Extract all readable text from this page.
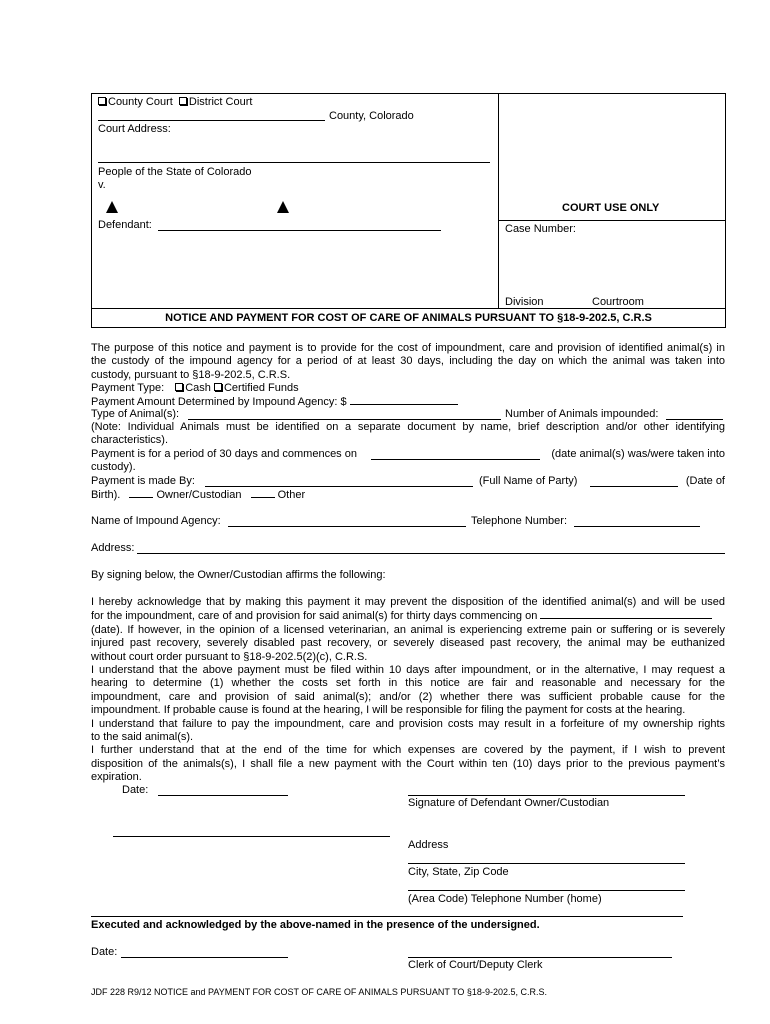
County Court District Court
County, Colorado
Court Address:
People of the State of Colorado
v.
Defendant:
COURT USE ONLY
Case Number:
Division	Courtroom
NOTICE AND PAYMENT FOR COST OF CARE OF ANIMALS PURSUANT TO §18-9-202.5, C.R.S
The purpose of this notice and payment is to provide for the cost of impoundment, care and provision of identified animal(s) in
the custody of the impound agency for a period of at least 30 days, including the day on which the animal was taken into
custody, pursuant to §18-9-202.5, C.R.S.
Payment Type: Cash Certified Funds
Payment Amount Determined by Impound Agency: $
Type of Animal(s):	Number of Animals impounded:
(Note: Individual Animals must be identified on a separate document by name, brief description and/or other identifying
characteristics).
Payment is for a period of 30 days and commences on	(date animal(s) was/were taken into
custody).
Payment is made By:	(Full Name of Party)	(Date of
Birth).	Owner/Custodian	Other
Name of Impound Agency:	Telephone Number:
Address:
By signing below, the Owner/Custodian affirms the following:
I hereby acknowledge that by making this payment it may prevent the disposition of the identified animal(s) and will be used
for the impoundment, care of and provision for said animal(s) for thirty days commencing on
(date). If however, in the opinion of a licensed veterinarian, an animal is experiencing extreme pain or suffering or is severely
injured past recovery, severely disabled past recovery, or severely diseased past recovery, the animal may be euthanized
without court order pursuant to §18-9-202.5(2)(c), C.R.S.
I understand that the above payment must be filed within 10 days after impoundment, or in the alternative, I may request a
hearing to determine (1) whether the costs set forth in this notice are fair and reasonable and necessary for the
impoundment, care and provision of said animal(s); and/or (2) whether there was sufficient probable cause for the
impoundment. If probable cause is found at the hearing, I will be responsible for filing the payment for costs at the hearing.
I understand that failure to pay the impoundment, care and provision costs may result in a forfeiture of my ownership rights
to the said animal(s).
I further understand that at the end of the time for which expenses are covered by the payment, if I wish to prevent
disposition of the animals(s), I shall file a new payment with the Court within ten (10) days prior to the previous payment’s
expiration.
Date:
Signature of Defendant Owner/Custodian
Address
City, State, Zip Code
(Area Code) Telephone Number (home)
Executed and acknowledged by the above-named in the presence of the undersigned.
Date:
Clerk of Court/Deputy Clerk
JDF 228 R9/12 NOTICE and PAYMENT FOR COST OF CARE OF ANIMALS PURSUANT TO §18-9-202.5, C.R.S.
